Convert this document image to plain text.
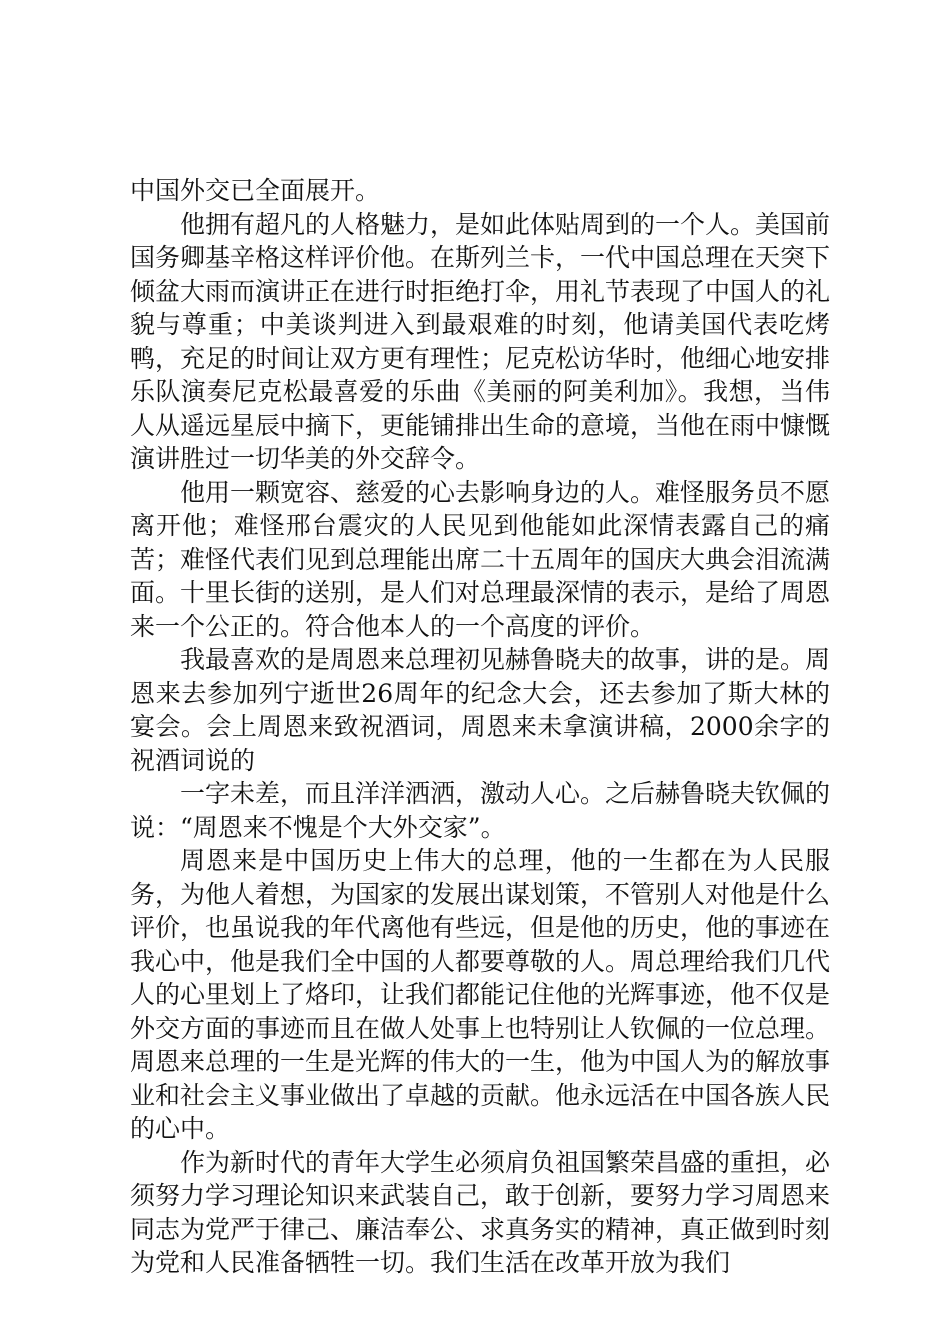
中国外交已全面展开。

他拥有超凡的人格魅力，是如此体贴周到的一个人。美国前国务卿基辛格这样评价他。在斯列兰卡，一代中国总理在天突下倾盆大雨而演讲正在进行时拒绝打伞，用礼节表现了中国人的礼貌与尊重；中美谈判进入到最艰难的时刻，他请美国代表吃烤鸭，充足的时间让双方更有理性；尼克松访华时，他细心地安排乐队演奏尼克松最喜爱的乐曲《美丽的阿美利加》。我想，当伟人从遥远星辰中摘下，更能铺排出生命的意境，当他在雨中慷慨演讲胜过一切华美的外交辞令。

他用一颗宽容、慈爱的心去影响身边的人。难怪服务员不愿离开他；难怪邢台震灾的人民见到他能如此深情表露自己的痛苦；难怪代表们见到总理能出席二十五周年的国庆大典会泪流满面。十里长街的送别，是人们对总理最深情的表示，是给了周恩来一个公正的。符合他本人的一个高度的评价。

我最喜欢的是周恩来总理初见赫鲁晓夫的故事，讲的是。周恩来去参加列宁逝世26周年的纪念大会，还去参加了斯大林的宴会。会上周恩来致祝酒词，周恩来未拿演讲稿，2000余字的祝酒词说的

一字未差，而且洋洋洒洒，激动人心。之后赫鲁晓夫钦佩的说：“周恩来不愧是个大外交家”。

周恩来是中国历史上伟大的总理，他的一生都在为人民服务，为他人着想，为国家的发展出谋划策，不管别人对他是什么评价，也虽说我的年代离他有些远，但是他的历史，他的事迹在我心中，他是我们全中国的人都要尊敬的人。周总理给我们几代人的心里划上了烙印，让我们都能记住他的光辉事迹，他不仅是外交方面的事迹而且在做人处事上也特别让人钦佩的一位总理。周恩来总理的一生是光辉的伟大的一生，他为中国人为的解放事业和社会主义事业做出了卓越的贡献。他永远活在中国各族人民的心中。

作为新时代的青年大学生必须肩负祖国繁荣昌盛的重担，必须努力学习理论知识来武装自己，敢于创新，要努力学习周恩来同志为党严于律己、廉洁奉公、求真务实的精神，真正做到时刻为党和人民准备牺牲一切。我们生活在改革开放为我们
